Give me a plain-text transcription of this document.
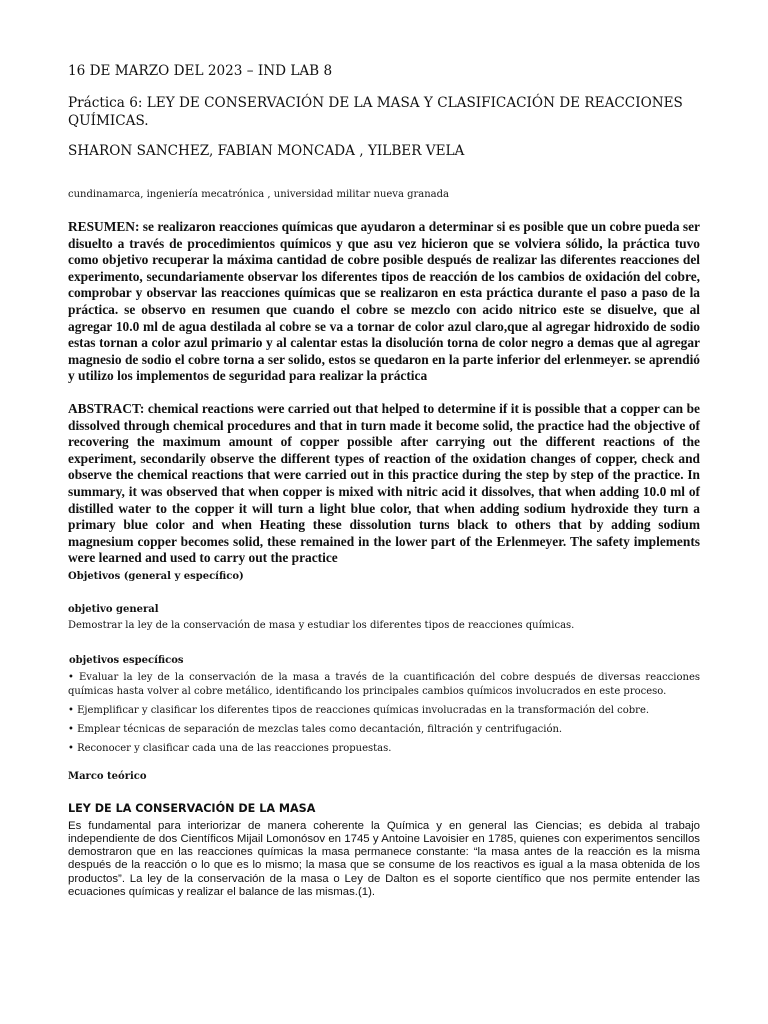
16 DE MARZO DEL 2023 – IND LAB 8

Práctica 6: LEY DE CONSERVACIÓN DE LA MASA Y CLASIFICACIÓN DE REACCIONES QUÍMICAS.

SHARON SANCHEZ, FABIAN MONCADA , YILBER VELA

cundinamarca, ingeniería mecatrónica , universidad militar nueva granada

RESUMEN: se realizaron reacciones químicas que ayudaron a determinar si es posible que un cobre pueda ser disuelto a través de procedimientos químicos y que asu vez hicieron que se volviera sólido, la práctica tuvo como objetivo recuperar la máxima cantidad de cobre posible después de realizar las diferentes reacciones del experimento, secundariamente observar los diferentes tipos de reacción de los cambios de oxidación del cobre, comprobar y observar las reacciones químicas que se realizaron en esta práctica durante el paso a paso de la práctica. se observo en resumen que cuando el cobre se mezclo con acido nitrico este se disuelve, que al agregar 10.0 ml de agua destilada al cobre se va a tornar de color azul claro,que al agregar hidroxido de sodio estas tornan a color azul primario y al calentar estas la disolución torna de color negro a demas que al agregar magnesio de sodio el cobre torna a ser solido, estos se quedaron en la parte inferior del erlenmeyer. se aprendió y utilizo los implementos de seguridad para realizar la práctica

ABSTRACT: chemical reactions were carried out that helped to determine if it is possible that a copper can be dissolved through chemical procedures and that in turn made it become solid, the practice had the objective of recovering the maximum amount of copper possible after carrying out the different reactions of the experiment, secondarily observe the different types of reaction of the oxidation changes of copper, check and observe the chemical reactions that were carried out in this practice during the step by step of the practice. In summary, it was observed that when copper is mixed with nitric acid it dissolves, that when adding 10.0 ml of distilled water to the copper it will turn a light blue color, that when adding sodium hydroxide they turn a primary blue color and when Heating these dissolution turns black to others that by adding sodium magnesium copper becomes solid, these remained in the lower part of the Erlenmeyer. The safety implements were learned and used to carry out the practice

Objetivos (general y específico)

objetivo general

Demostrar la ley de la conservación de masa y estudiar los diferentes tipos de reacciones químicas.

objetivos específicos

• Evaluar la ley de la conservación de la masa a través de la cuantificación del cobre después de diversas reacciones químicas hasta volver al cobre metálico, identificando los principales cambios químicos involucrados en este proceso.
• Ejemplificar y clasificar los diferentes tipos de reacciones químicas involucradas en la transformación del cobre.
• Emplear técnicas de separación de mezclas tales como decantación, filtración y centrifugación.
• Reconocer y clasificar cada una de las reacciones propuestas.

Marco teórico

LEY DE LA CONSERVACIÓN DE LA MASA

Es fundamental para interiorizar de manera coherente la Química y en general las Ciencias; es debida al trabajo independiente de dos Científicos Mijail Lomonósov en 1745 y Antoine Lavoisier en 1785, quienes con experimentos sencillos demostraron que en las reacciones químicas la masa permanece constante: “la masa antes de la reacción es la misma después de la reacción o lo que es lo mismo; la masa que se consume de los reactivos es igual a la masa obtenida de los productos”. La ley de la conservación de la masa o Ley de Dalton es el soporte científico que nos permite entender las ecuaciones químicas y realizar el balance de las mismas.(1).
